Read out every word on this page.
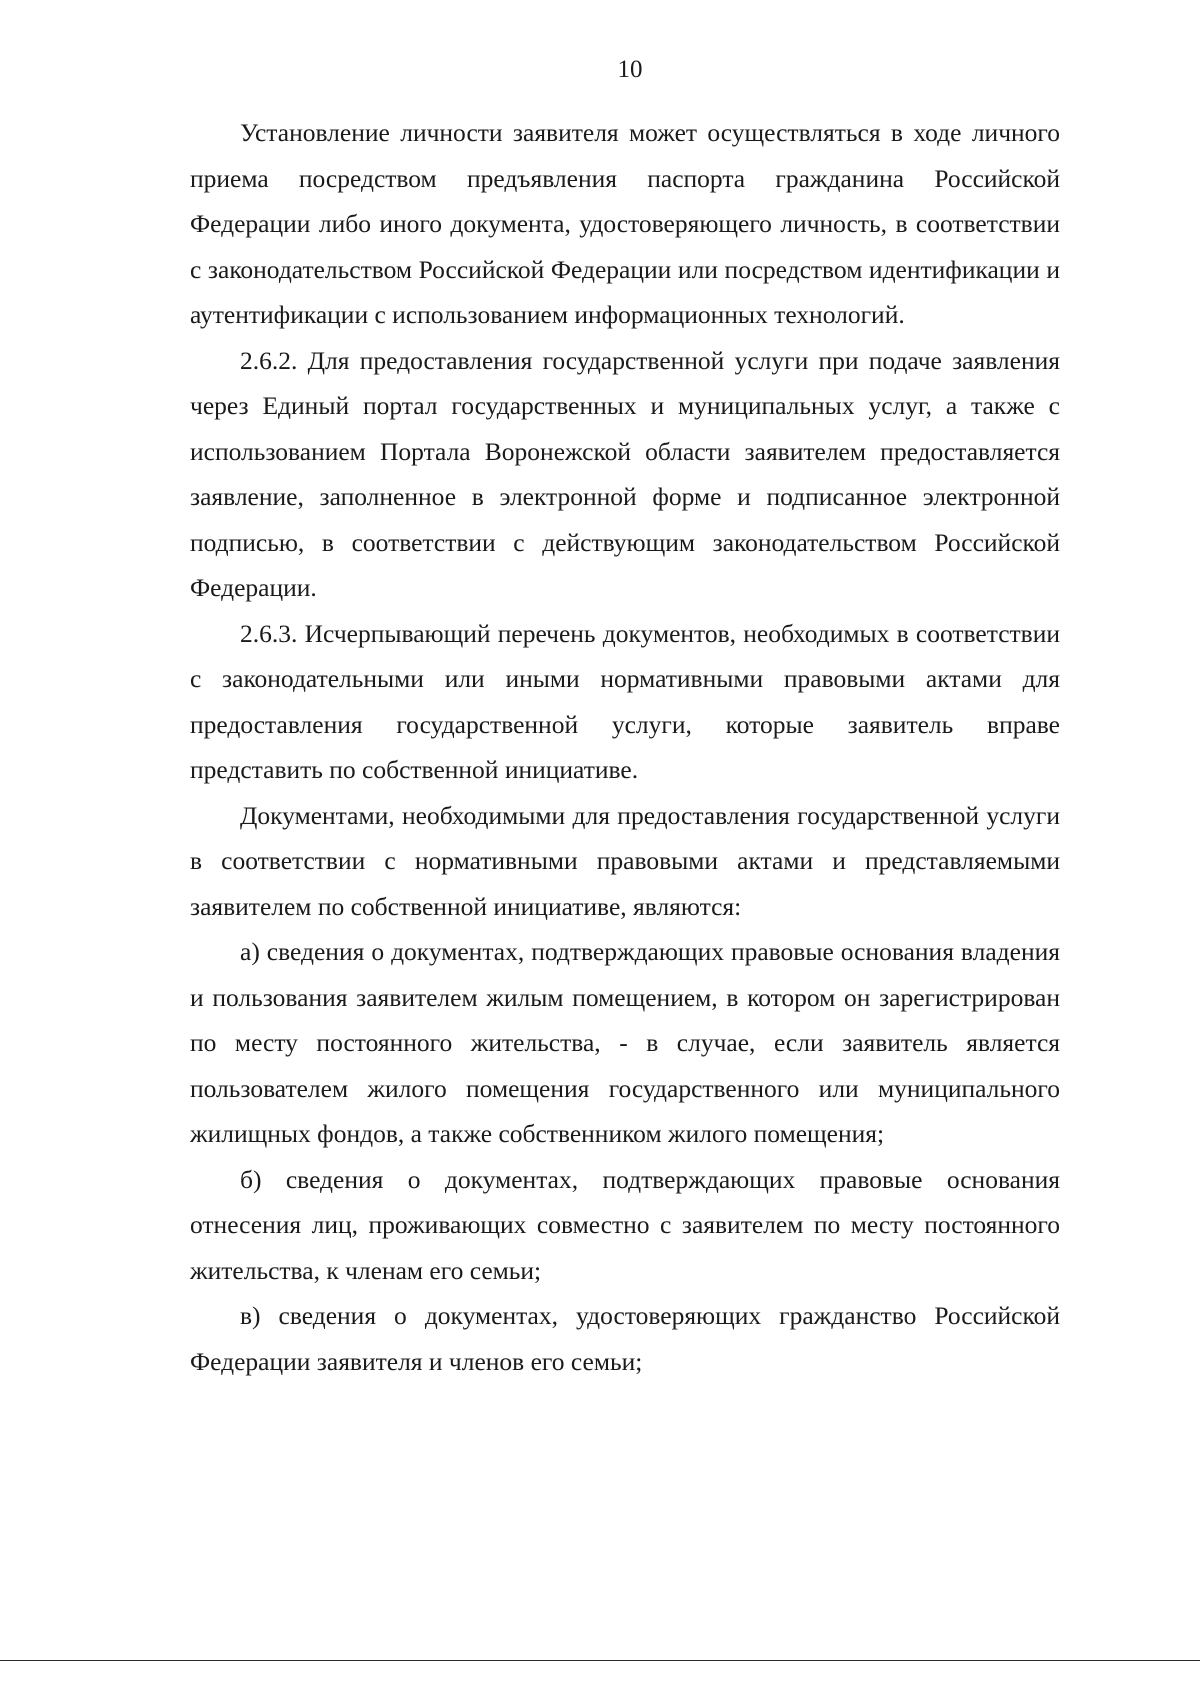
10

Установление личности заявителя может осуществляться в ходе личного приема посредством предъявления паспорта гражданина Российской Федерации либо иного документа, удостоверяющего личность, в соответствии с законодательством Российской Федерации или посредством идентификации и аутентификации с использованием информационных технологий.

2.6.2. Для предоставления государственной услуги при подаче заявления через Единый портал государственных и муниципальных услуг, а также с использованием Портала Воронежской области заявителем предоставляется заявление, заполненное в электронной форме и подписанное электронной подписью, в соответствии с действующим законодательством Российской Федерации.

2.6.3. Исчерпывающий перечень документов, необходимых в соответствии с законодательными или иными нормативными правовыми актами для предоставления государственной услуги, которые заявитель вправе представить по собственной инициативе.

Документами, необходимыми для предоставления государственной услуги в соответствии с нормативными правовыми актами и представляемыми заявителем по собственной инициативе, являются:

а) сведения о документах, подтверждающих правовые основания владения и пользования заявителем жилым помещением, в котором он зарегистрирован по месту постоянного жительства, - в случае, если заявитель является пользователем жилого помещения государственного или муниципального жилищных фондов, а также собственником жилого помещения;

б) сведения о документах, подтверждающих правовые основания отнесения лиц, проживающих совместно с заявителем по месту постоянного жительства, к членам его семьи;

в) сведения о документах, удостоверяющих гражданство Российской Федерации заявителя и членов его семьи;
